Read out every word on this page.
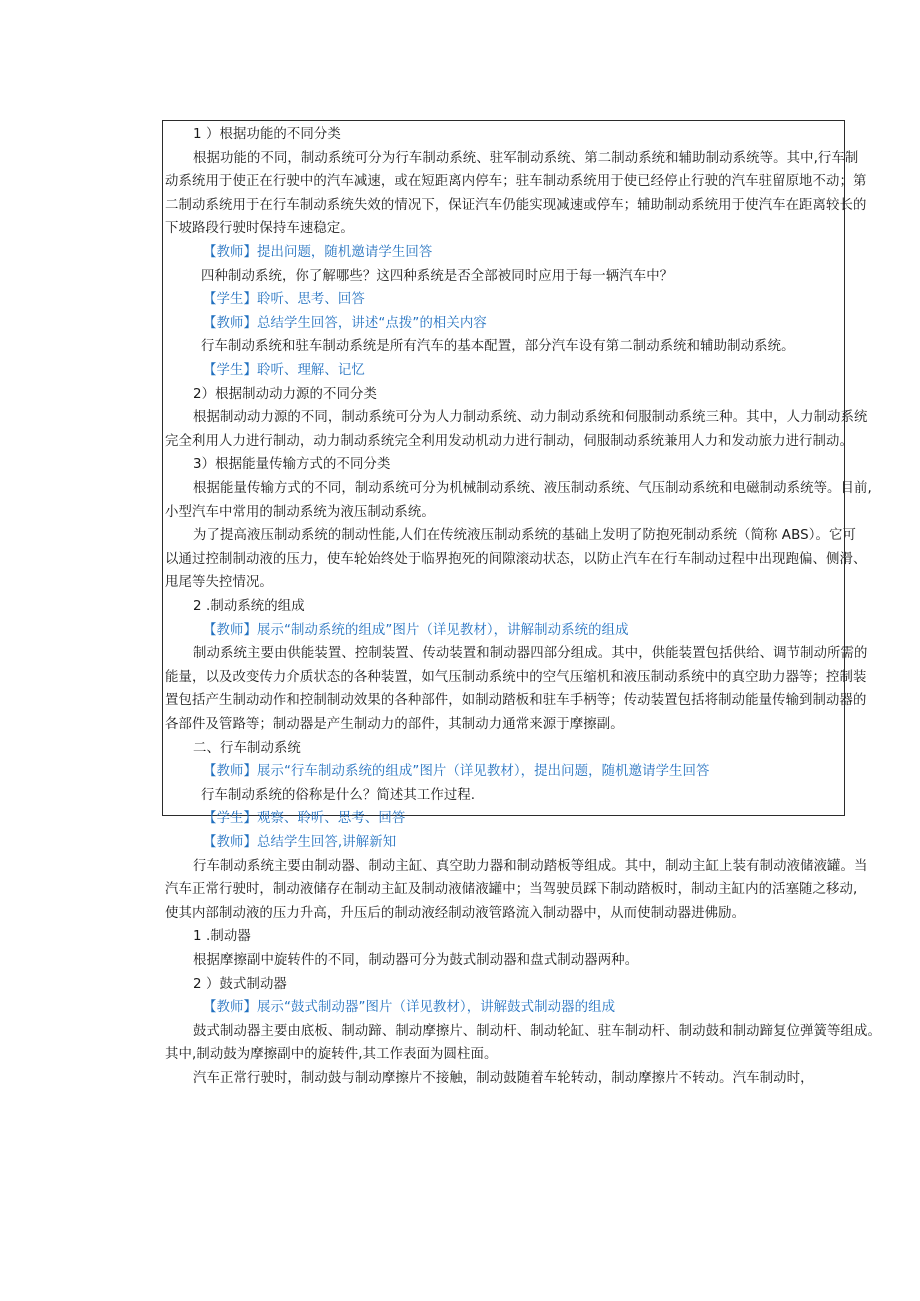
1 ）根据功能的不同分类
根据功能的不同，制动系统可分为行车制动系统、驻军制动系统、第二制动系统和辅助制动系统等。其中,行车制
动系统用于使正在行驶中的汽车减速，或在短距离内停车；驻车制动系统用于使已经停止行驶的汽车驻留原地不动；第
二制动系统用于在行车制动系统失效的情况下，保证汽车仍能实现减速或停车；辅助制动系统用于使汽车在距离较长的
下坡路段行驶时保持车速稳定。
【教师】提出问题，随机邀请学生回答
四种制动系统，你了解哪些？这四种系统是否全部被同时应用于每一辆汽车中？
【学生】聆听、思考、回答
【教师】总结学生回答，讲述“点拨”的相关内容
行车制动系统和驻车制动系统是所有汽车的基本配置，部分汽车设有第二制动系统和辅助制动系统。
【学生】聆听、理解、记忆
2）根据制动动力源的不同分类
根据制动动力源的不同，制动系统可分为人力制动系统、动力制动系统和伺服制动系统三种。其中，人力制动系统
完全利用人力进行制动，动力制动系统完全利用发动机动力进行制动，伺服制动系统兼用人力和发动旅力进行制动。
3）根据能量传输方式的不同分类
根据能量传输方式的不同，制动系统可分为机械制动系统、液压制动系统、气压制动系统和电磁制动系统等。目前,
小型汽车中常用的制动系统为液压制动系统。
为了提高液压制动系统的制动性能,人们在传统液压制动系统的基础上发明了防抱死制动系统（简称 ABS）。它可
以通过控制制动液的压力，使车轮始终处于临界抱死的间隙滚动状态，以防止汽车在行车制动过程中出现跑偏、侧滑、
甩尾等失控情况。
2 .制动系统的组成
【教师】展示“制动系统的组成”图片（详见教材），讲解制动系统的组成
制动系统主要由供能装置、控制装置、传动装置和制动器四部分组成。其中，供能装置包括供给、调节制动所需的
能量，以及改变传力介质状态的各种装置，如气压制动系统中的空气压缩机和液压制动系统中的真空助力器等；控制装
置包括产生制动动作和控制制动效果的各种部件，如制动踏板和驻车手柄等；传动装置包括将制动能量传输到制动器的
各部件及管路等；制动器是产生制动力的部件，其制动力通常来源于摩擦副。
二、行车制动系统
【教师】展示“行车制动系统的组成”图片（详见教材），提出问题，随机邀请学生回答
行车制动系统的俗称是什么？简述其工作过程.
【学生】观察、聆听、思考、回答
【教师】总结学生回答,讲解新知
行车制动系统主要由制动器、制动主缸、真空助力器和制动踏板等组成。其中，制动主缸上装有制动液储液罐。当
汽车正常行驶时，制动液储存在制动主缸及制动液储液罐中；当驾驶员踩下制动踏板时，制动主缸内的活塞随之移动,
使其内部制动液的压力升高，升压后的制动液经制动液管路流入制动器中，从而使制动器进佛励。
1 .制动器
根据摩擦副中旋转件的不同，制动器可分为鼓式制动器和盘式制动器两种。
2 ）鼓式制动器
【教师】展示“鼓式制动器”图片（详见教材），讲解鼓式制动器的组成
鼓式制动器主要由底板、制动蹄、制动摩擦片、制动杆、制动轮缸、驻车制动杆、制动鼓和制动蹄复位弹簧等组成。
其中,制动鼓为摩擦副中的旋转件,其工作表面为圆柱面。
汽车正常行驶时，制动鼓与制动摩擦片不接触，制动鼓随着车轮转动，制动摩擦片不转动。汽车制动时，
